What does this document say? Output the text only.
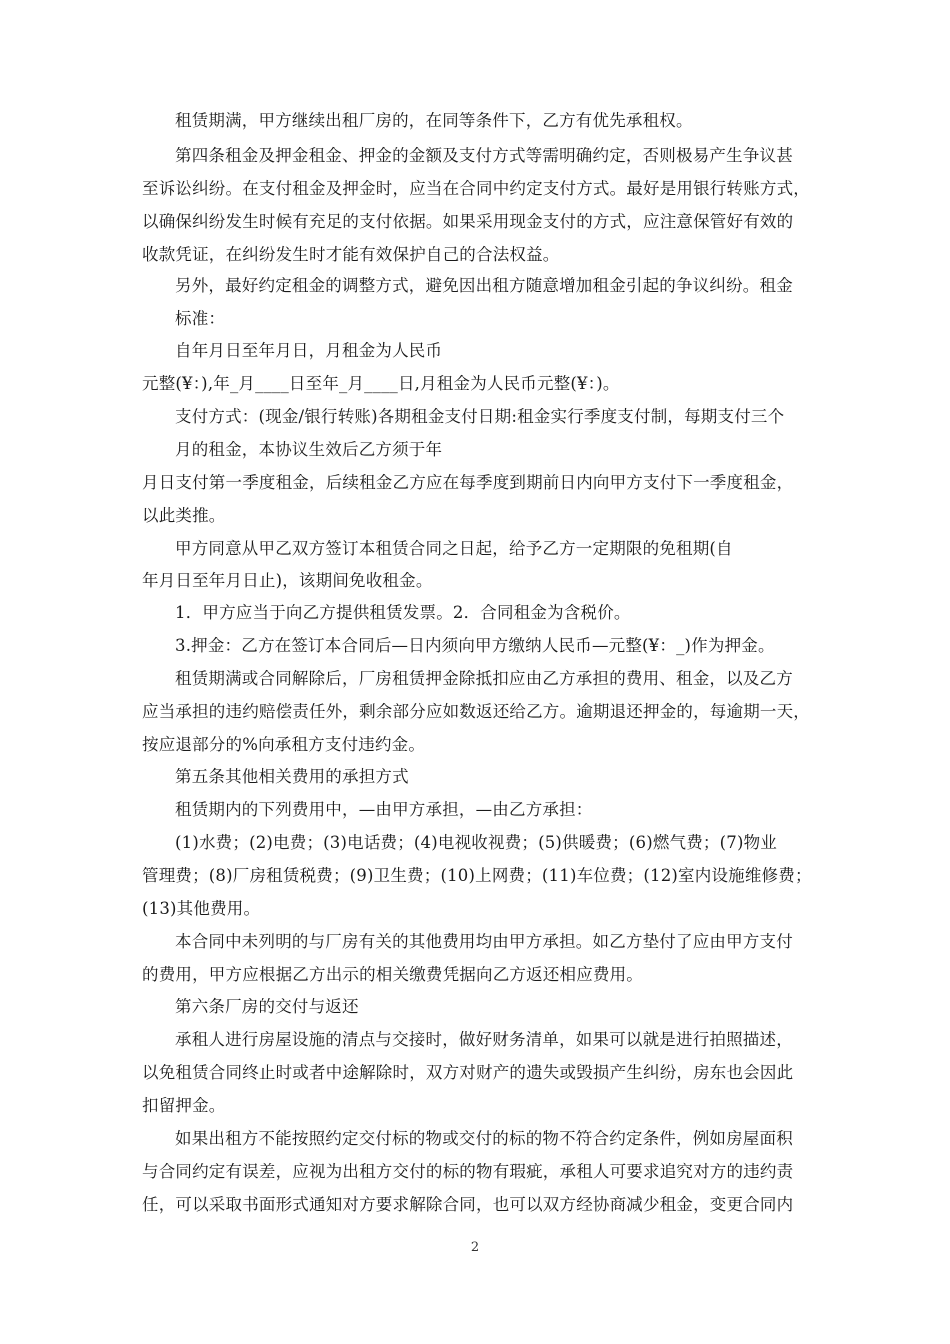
租赁期满，甲方继续出租厂房的，在同等条件下，乙方有优先承租权。
第四条租金及押金租金、押金的金额及支付方式等需明确约定，否则极易产生争议甚
至诉讼纠纷。在支付租金及押金时，应当在合同中约定支付方式。最好是用银行转账方式，
以确保纠纷发生时候有充足的支付依据。如果采用现金支付的方式，应注意保管好有效的
收款凭证，在纠纷发生时才能有效保护自己的合法权益。
另外，最好约定租金的调整方式，避免因出租方随意增加租金引起的争议纠纷。租金
标准：
自年月日至年月日，月租金为人民币
元整(¥：),年_月____日至年_月____日,月租金为人民币元整(¥：)。
支付方式：(现金/银行转账)各期租金支付日期:租金实行季度支付制，每期支付三个
月的租金，本协议生效后乙方须于年
月日支付第一季度租金，后续租金乙方应在每季度到期前日内向甲方支付下一季度租金，
以此类推。
甲方同意从甲乙双方签订本租赁合同之日起，给予乙方一定期限的免租期(自
年月日至年月日止)，该期间免收租金。
1．甲方应当于向乙方提供租赁发票。2．合同租金为含税价。
3.押金：乙方在签订本合同后—日内须向甲方缴纳人民币—元整(¥：_)作为押金。
租赁期满或合同解除后，厂房租赁押金除抵扣应由乙方承担的费用、租金，以及乙方
应当承担的违约赔偿责任外，剩余部分应如数返还给乙方。逾期退还押金的，每逾期一天，
按应退部分的%向承租方支付违约金。
第五条其他相关费用的承担方式
租赁期内的下列费用中，—由甲方承担，—由乙方承担：
(1)水费；(2)电费；(3)电话费；(4)电视收视费；(5)供暖费；(6)燃气费；(7)物业
管理费；(8)厂房租赁税费；(9)卫生费；(10)上网费；(11)车位费；(12)室内设施维修费；
(13)其他费用。
本合同中未列明的与厂房有关的其他费用均由甲方承担。如乙方垫付了应由甲方支付
的费用，甲方应根据乙方出示的相关缴费凭据向乙方返还相应费用。
第六条厂房的交付与返还
承租人进行房屋设施的清点与交接时，做好财务清单，如果可以就是进行拍照描述，
以免租赁合同终止时或者中途解除时，双方对财产的遗失或毁损产生纠纷，房东也会因此
扣留押金。
如果出租方不能按照约定交付标的物或交付的标的物不符合约定条件，例如房屋面积
与合同约定有误差，应视为出租方交付的标的物有瑕疵，承租人可要求追究对方的违约责
任，可以采取书面形式通知对方要求解除合同，也可以双方经协商减少租金，变更合同内
2
